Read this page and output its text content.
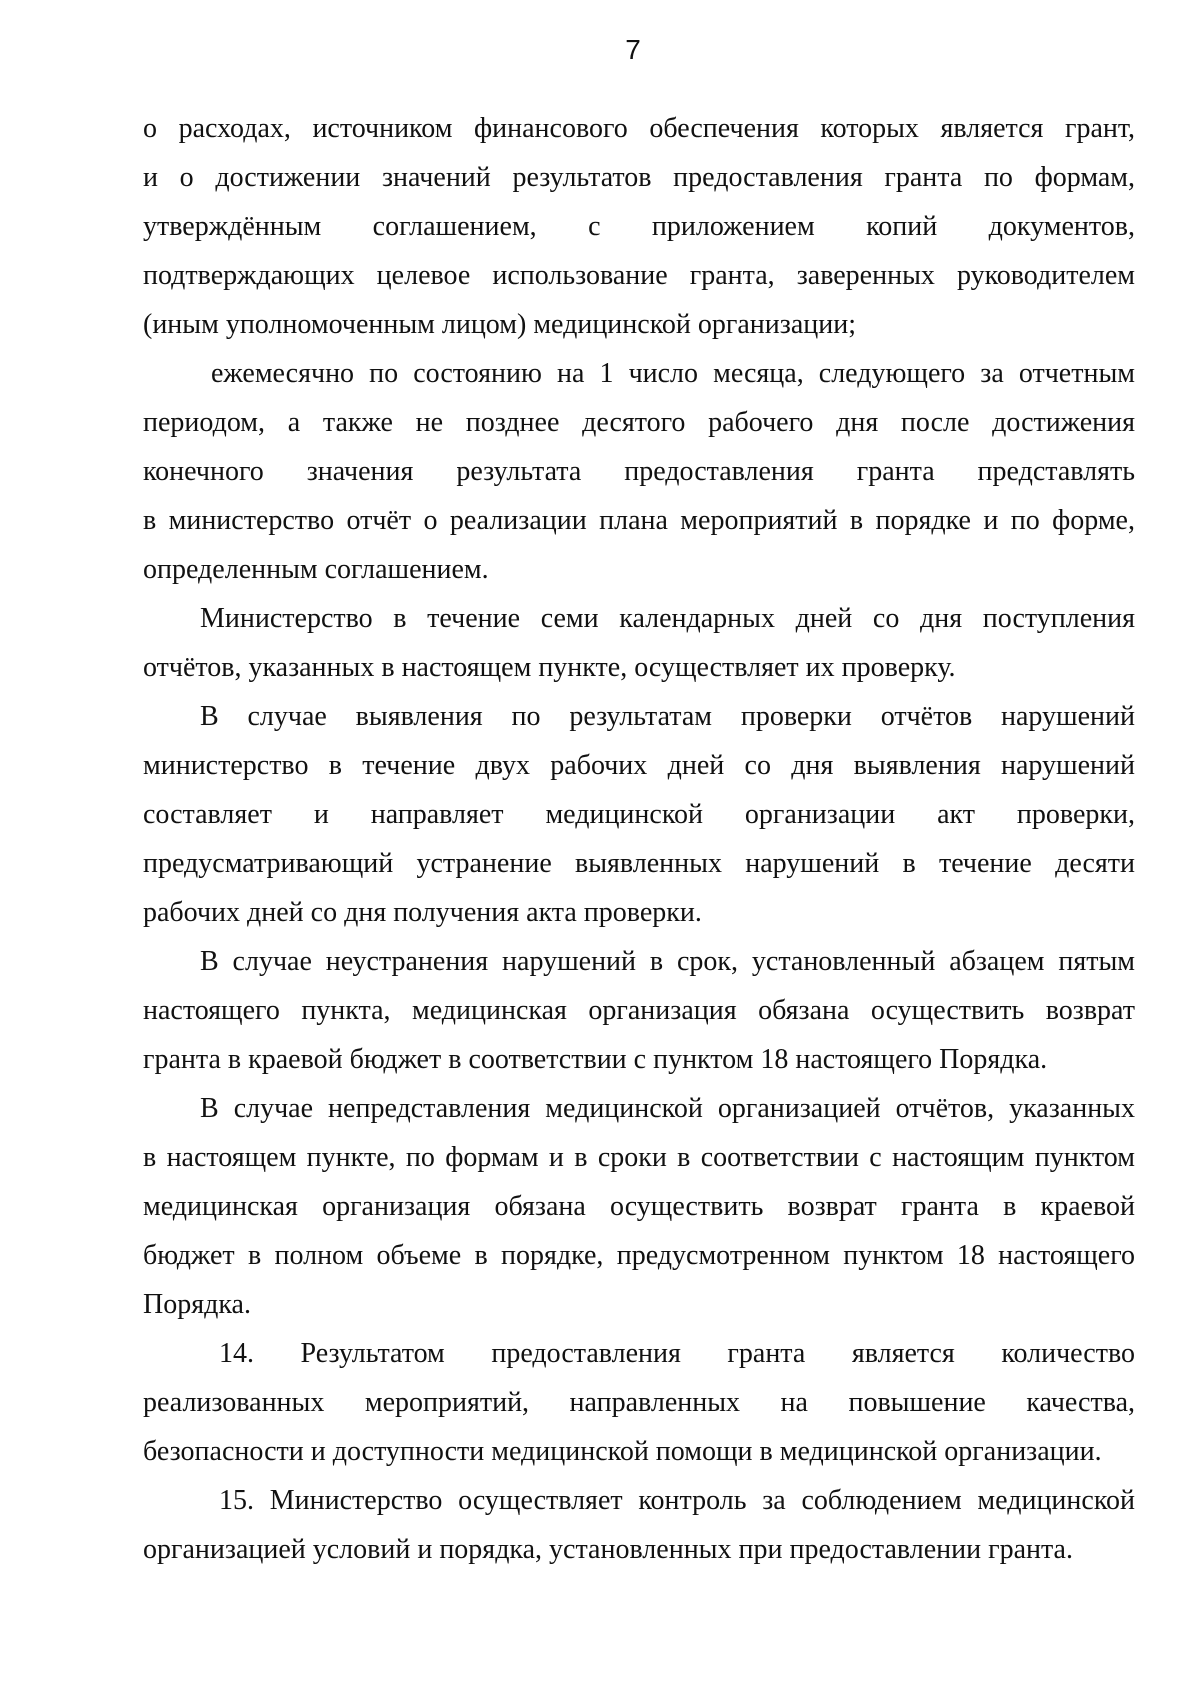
7

о расходах, источником финансового обеспечения которых является грант,
и о достижении значений результатов предоставления гранта по формам,
утверждённым соглашением, с приложением копий документов,
подтверждающих целевое использование гранта, заверенных руководителем
(иным уполномоченным лицом) медицинской организации;

ежемесячно по состоянию на 1 число месяца, следующего за отчетным
периодом, а также не позднее десятого рабочего дня после достижения
конечного значения результата предоставления гранта представлять
в министерство отчёт о реализации плана мероприятий в порядке и по форме,
определенным соглашением.

Министерство в течение семи календарных дней со дня поступления
отчётов, указанных в настоящем пункте, осуществляет их проверку.

В случае выявления по результатам проверки отчётов нарушений
министерство в течение двух рабочих дней со дня выявления нарушений
составляет и направляет медицинской организации акт проверки,
предусматривающий устранение выявленных нарушений в течение десяти
рабочих дней со дня получения акта проверки.

В случае неустранения нарушений в срок, установленный абзацем пятым
настоящего пункта, медицинская организация обязана осуществить возврат
гранта в краевой бюджет в соответствии с пунктом 18 настоящего Порядка.

В случае непредставления медицинской организацией отчётов, указанных
в настоящем пункте, по формам и в сроки в соответствии с настоящим пунктом
медицинская организация обязана осуществить возврат гранта в краевой
бюджет в полном объеме в порядке, предусмотренном пунктом 18 настоящего
Порядка.

14. Результатом предоставления гранта является количество
реализованных мероприятий, направленных на повышение качества,
безопасности и доступности медицинской помощи в медицинской организации.

15. Министерство осуществляет контроль за соблюдением медицинской
организацией условий и порядка, установленных при предоставлении гранта.
